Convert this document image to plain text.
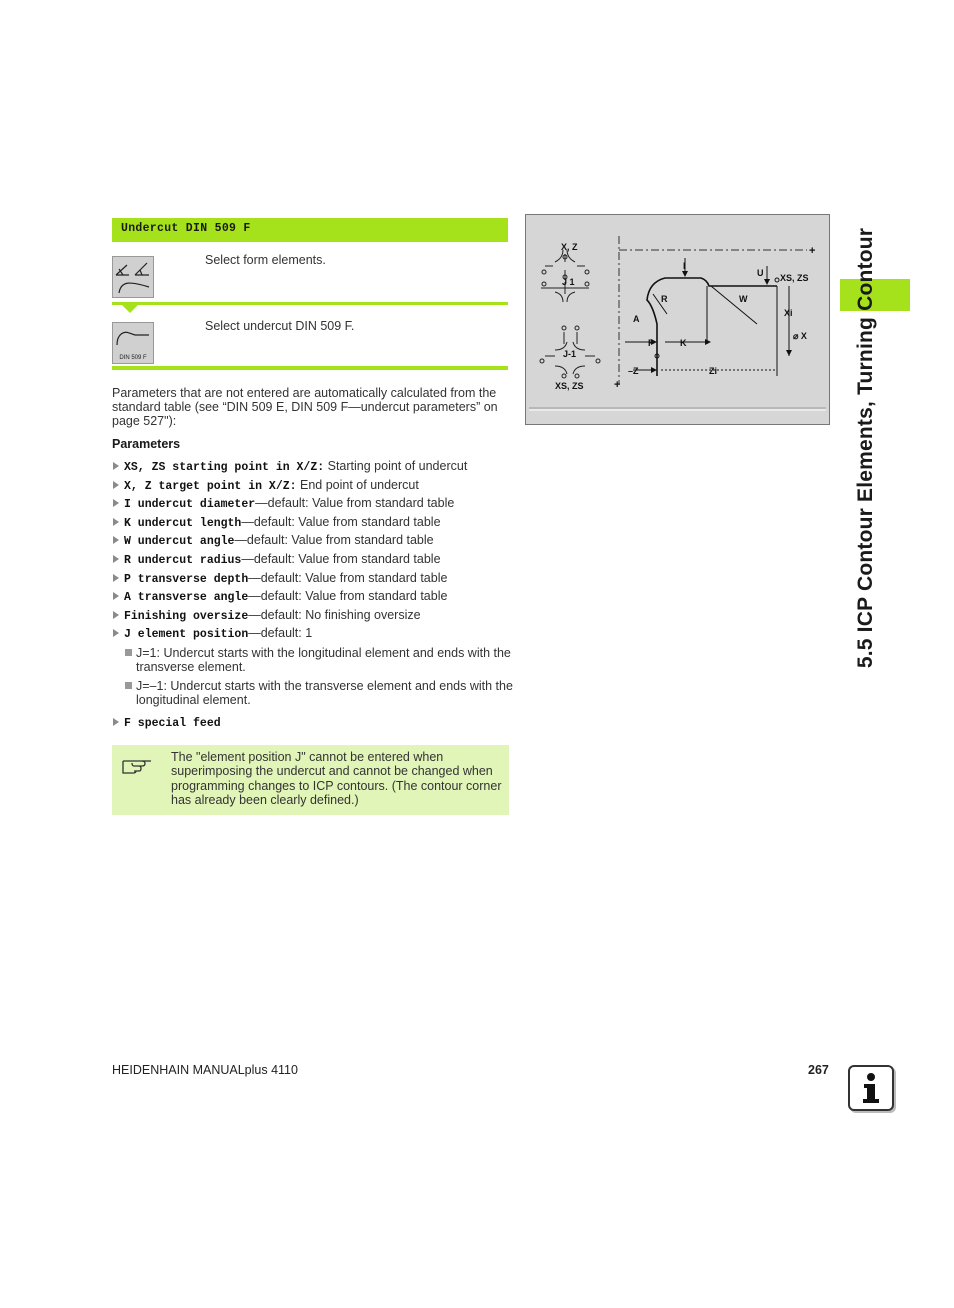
Undercut DIN 509 F
Select form elements.
DIN 509 F
Select undercut DIN 509 F.
Parameters that are not entered are automatically calculated from the standard table (see “DIN 509 E, DIN 509 F—undercut parameters” on page 527"):
Parameters
XS, ZS starting point in X/Z: Starting point of undercut
X, Z target point in X/Z: End point of undercut
I undercut diameter—default: Value from standard table
K undercut length—default: Value from standard table
W undercut angle—default: Value from standard table
R undercut radius—default: Value from standard table
P transverse depth—default: Value from standard table
A transverse angle—default: Value from standard table
Finishing oversize—default: No finishing oversize
J element position—default: 1
J=1: Undercut starts with the longitudinal element and ends with the transverse element.
J=–1: Undercut starts with the transverse element and ends with the longitudinal element.
F special feed
The "element position J" cannot be entered when superimposing the undercut and cannot be changed when programming changes to ICP contours. (The contour corner has already been clearly defined.)
X, Z
J 1
J-1
XS, ZS
+
+
I
U XS, ZS
R	W
A
Xi
⌀ X
P	K
–Z	Zi	5.5 ICP Contour Elements, Turning Contour
HEIDENHAIN MANUALplus 4110	267
